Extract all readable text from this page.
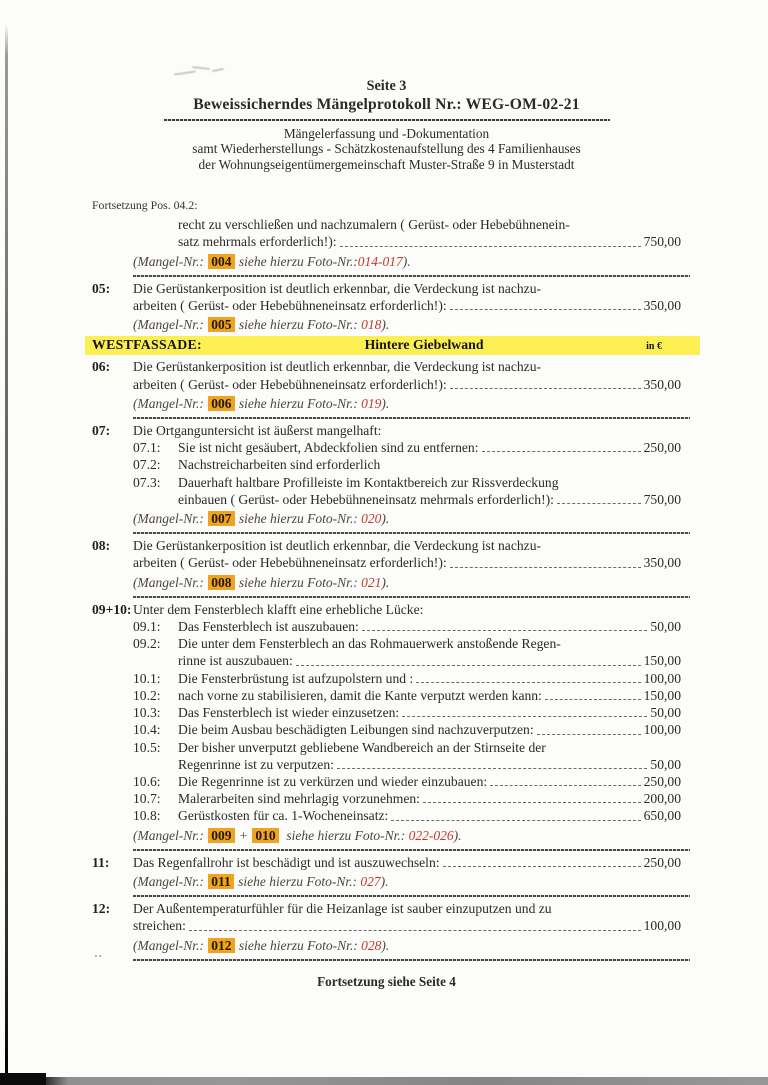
Seite 3
Beweissicherndes Mängelprotokoll Nr.: WEG-OM-02-21
Mängelerfassung und -Dokumentation
samt Wiederherstellungs - Schätzkostenaufstellung des 4 Familienhauses
der Wohnungseigentümergemeinschaft Muster-Straße 9 in Musterstadt
Fortsetzung Pos. 04.2:
recht zu verschließen und nachzumalern ( Gerüst- oder Hebebühnenein-
satz mehrmals erforderlich!):	750,00
(Mangel-Nr.: 004 siehe hierzu Foto-Nr.:014-017).
05:	Die Gerüstankerposition ist deutlich erkennbar, die Verdeckung ist nachzu-
arbeiten ( Gerüst- oder Hebebühneneinsatz erforderlich!):	350,00
(Mangel-Nr.: 005 siehe hierzu Foto-Nr.: 018).
WESTFASSADE:	Hintere Giebelwand	in €
06:	Die Gerüstankerposition ist deutlich erkennbar, die Verdeckung ist nachzu-
arbeiten ( Gerüst- oder Hebebühneneinsatz erforderlich!):	350,00
(Mangel-Nr.: 006 siehe hierzu Foto-Nr.: 019).
07:	Die Ortganguntersicht ist äußerst mangelhaft:
07.1:	Sie ist nicht gesäubert, Abdeckfolien sind zu entfernen:	250,00
07.2:	Nachstreicharbeiten sind erforderlich
07.3:	Dauerhaft haltbare Profilleiste im Kontaktbereich zur Rissverdeckung
einbauen ( Gerüst- oder Hebebühneneinsatz mehrmals erforderlich!):	750,00
(Mangel-Nr.: 007 siehe hierzu Foto-Nr.: 020).
08:	Die Gerüstankerposition ist deutlich erkennbar, die Verdeckung ist nachzu-
arbeiten ( Gerüst- oder Hebebühneneinsatz erforderlich!):	350,00
(Mangel-Nr.: 008 siehe hierzu Foto-Nr.: 021).
09+10: Unter dem Fensterblech klafft eine erhebliche Lücke:
09.1:	Das Fensterblech ist auszubauen:	50,00
09.2:	Die unter dem Fensterblech an das Rohmauerwerk anstoßende Regen-
rinne ist auszubauen:	150,00
10.1:	Die Fensterbrüstung ist aufzupolstern und :	100,00
10.2:	nach vorne zu stabilisieren, damit die Kante verputzt werden kann:	150,00
10.3:	Das Fensterblech ist wieder einzusetzen:	50,00
10.4:	Die beim Ausbau beschädigten Leibungen sind nachzuverputzen:	100,00
10.5:	Der bisher unverputzt gebliebene Wandbereich an der Stirnseite der
Regenrinne ist zu verputzen:	50,00
10.6:	Die Regenrinne ist zu verkürzen und wieder einzubauen:	250,00
10.7:	Malerarbeiten sind mehrlagig vorzunehmen:	200,00
10.8:	Gerüstkosten für ca. 1-Wocheneinsatz:	650,00
(Mangel-Nr.: 009 + 010  siehe hierzu Foto-Nr.: 022-026).
11:	Das Regenfallrohr ist beschädigt und ist auszuwechseln:	250,00
(Mangel-Nr.: 011 siehe hierzu Foto-Nr.: 027).
12:	Der Außentemperaturfühler für die Heizanlage ist sauber einzuputzen und zu
streichen:	100,00
(Mangel-Nr.: 012 siehe hierzu Foto-Nr.: 028).
Fortsetzung siehe Seite 4
